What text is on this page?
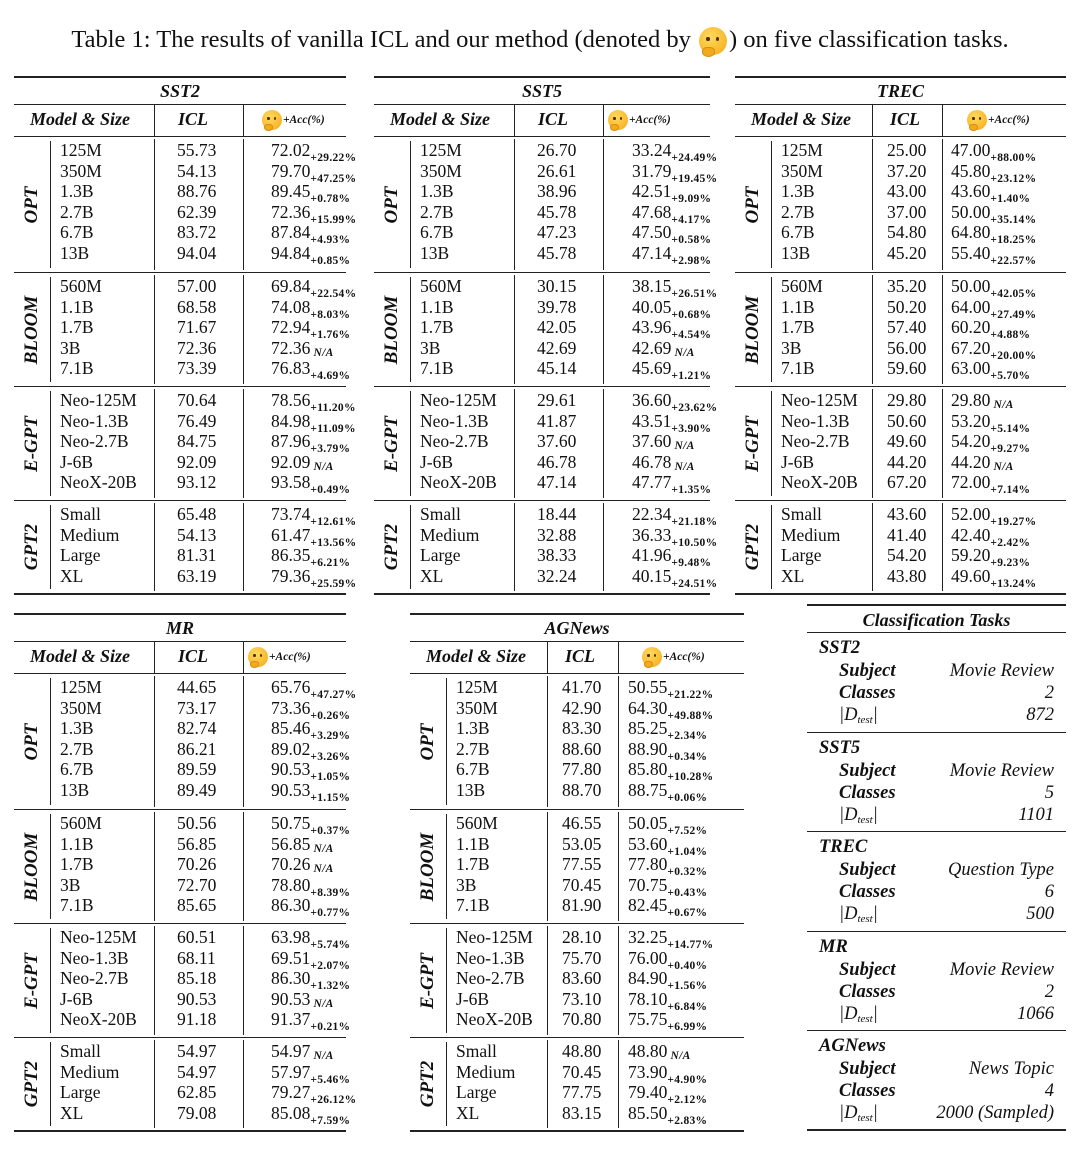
Table 1: The results of vanilla ICL and our method (denoted by
) on five classification tasks.
SST2
Model & Size	ICL	+Acc(%)
OPT
125M	55.73	$72.02_{+29.22\%}$
350M	54.13	$79.70_{+47.25\%}$
1.3B	88.76	$89.45_{+0.78\%}$
2.7B	62.39	$72.36_{+15.99\%}$
6.7B	83.72	$87.84_{+4.93\%}$
13B	94.04	$94.84_{+0.85\%}$
BLOOM
560M	57.00	$69.84_{+22.54\%}$
1.1B	68.58	$74.08_{+8.03\%}$
1.7B	71.67	$72.94_{+1.76\%}$
3B	72.36	72.36 N/A
7.1B	73.39	$76.83_{+4.69\%}$
E-GPT
Neo-125M 70.64	$78.56_{+11.20\%}$
Neo-1.3B	76.49	$84.98_{+11.09\%}$
Neo-2.7B	84.75	$87.96_{+3.79\%}$
J-6B	92.09	92.09 N/A
NeoX-20B 93.12	$93.58_{+0.49\%}$
GPT2
Small	65.48	$73.74_{+12.61\%}$
Medium	54.13	$61.47_{+13.56\%}$
Large	81.31	$86.35_{+6.21\%}$
XL	63.19	$79.36_{+25.59\%}$
SST5
Model & Size	ICL	+Acc(%)
OPT
125M	26.70	$33.24_{+24.49\%}$
350M	26.61	$31.79_{+19.45\%}$
1.3B	38.96	$42.51_{+9.09\%}$
2.7B	45.78	$47.68_{+4.17\%}$
6.7B	47.23	$47.50_{+0.58\%}$
13B	45.78	$47.14_{+2.98\%}$
BLOOM
560M	30.15	$38.15_{+26.51\%}$
1.1B	39.78	$40.05_{+0.68\%}$
1.7B	42.05	$43.96_{+4.54\%}$
3B	42.69	42.69 N/A
7.1B	45.14	$45.69_{+1.21\%}$
E-GPT
Neo-125M 29.61	$36.60_{+23.62\%}$
Neo-1.3B	41.87	$43.51_{+3.90\%}$
Neo-2.7B	37.60	37.60 N/A
J-6B	46.78	46.78 N/A
NeoX-20B 47.14	$47.77_{+1.35\%}$
GPT2
Small	18.44	$22.34_{+21.18\%}$
Medium	32.88	$36.33_{+10.50\%}$
Large	38.33	$41.96_{+9.48\%}$
XL	32.24	$40.15_{+24.51\%}$
TREC
Model & Size ICL	+Acc(%)
OPT
125M	25.00 $47.00_{+88.00\%}$
350M	37.20 $45.80_{+23.12\%}$
1.3B	43.00 $43.60_{+1.40\%}$
2.7B	37.00 $50.00_{+35.14\%}$
6.7B	54.80 $64.80_{+18.25\%}$
13B	45.20 $55.40_{+22.57\%}$
BLOOM
560M	35.20 $50.00_{+42.05\%}$
1.1B	50.20 $64.00_{+27.49\%}$
1.7B	57.40 $60.20_{+4.88\%}$
3B	56.00 $67.20_{+20.00\%}$
7.1B	59.60 $63.00_{+5.70\%}$
E-GPT
Neo-125M 29.80 29.80 N/A
Neo-1.3B 50.60 $53.20_{+5.14\%}$
Neo-2.7B 49.60 $54.20_{+9.27\%}$
J-6B	44.20 44.20 N/A
NeoX-20B 67.20 $72.00_{+7.14\%}$
GPT2
Small	43.60 $52.00_{+19.27\%}$
Medium	41.40 $42.40_{+2.42\%}$
Large	54.20 $59.20_{+9.23\%}$
XL	43.80 $49.60_{+13.24\%}$
MR
Model & Size	ICL	+Acc(%)
OPT
125M	44.65	$65.76_{+47.27\%}$
350M	73.17	$73.36_{+0.26\%}$
1.3B	82.74	$85.46_{+3.29\%}$
2.7B	86.21	$89.02_{+3.26\%}$
6.7B	89.59	$90.53_{+1.05\%}$
13B	89.49	$90.53_{+1.15\%}$
BLOOM
560M	50.56	$50.75_{+0.37\%}$
1.1B	56.85	56.85 N/A
1.7B	70.26	70.26 N/A
3B	72.70	$78.80_{+8.39\%}$
7.1B	85.65	$86.30_{+0.77\%}$
E-GPT
Neo-125M 60.51	$63.98_{+5.74\%}$
Neo-1.3B	68.11	$69.51_{+2.07\%}$
Neo-2.7B	85.18	$86.30_{+1.32\%}$
J-6B	90.53	90.53 N/A
NeoX-20B 91.18	$91.37_{+0.21\%}$
GPT2
Small	54.97	54.97 N/A
Medium	54.97	$57.97_{+5.46\%}$
Large	62.85	$79.27_{+26.12\%}$
XL	79.08	$85.08_{+7.59\%}$
AGNews
Model & Size ICL	+Acc(%)
OPT
125M	41.70 $50.55_{+21.22\%}$
350M	42.90 $64.30_{+49.88\%}$
1.3B	83.30 $85.25_{+2.34\%}$
2.7B	88.60 $88.90_{+0.34\%}$
6.7B	77.80 $85.80_{+10.28\%}$
13B	88.70 $88.75_{+0.06\%}$
BLOOM
560M	46.55 $50.05_{+7.52\%}$
1.1B	53.05 $53.60_{+1.04\%}$
1.7B	77.55 $77.80_{+0.32\%}$
3B	70.45 $70.75_{+0.43\%}$
7.1B	81.90 $82.45_{+0.67\%}$
E-GPT
Neo-125M 28.10 $32.25_{+14.77\%}$
Neo-1.3B 75.70 $76.00_{+0.40\%}$
Neo-2.7B 83.60 $84.90_{+1.56\%}$
J-6B	73.10 $78.10_{+6.84\%}$
NeoX-20B 70.80 $75.75_{+6.99\%}$
GPT2
Small	48.80 48.80 N/A
Medium	70.45 $73.90_{+4.90\%}$
Large	77.75 $79.40_{+2.12\%}$
XL	83.15 $85.50_{+2.83\%}$
Classification Tasks
SST2
Subject	Movie Review
Classes	2
|Dtest|	872
SST5
Subject	Movie Review
Classes	5
|Dtest|	1101
TREC
Subject	Question Type
Classes	6
|Dtest|	500
MR
Subject	Movie Review
Classes	2
|Dtest|	1066
AGNews
Subject	News Topic
Classes	4
|Dtest|	2000 (Sampled)
